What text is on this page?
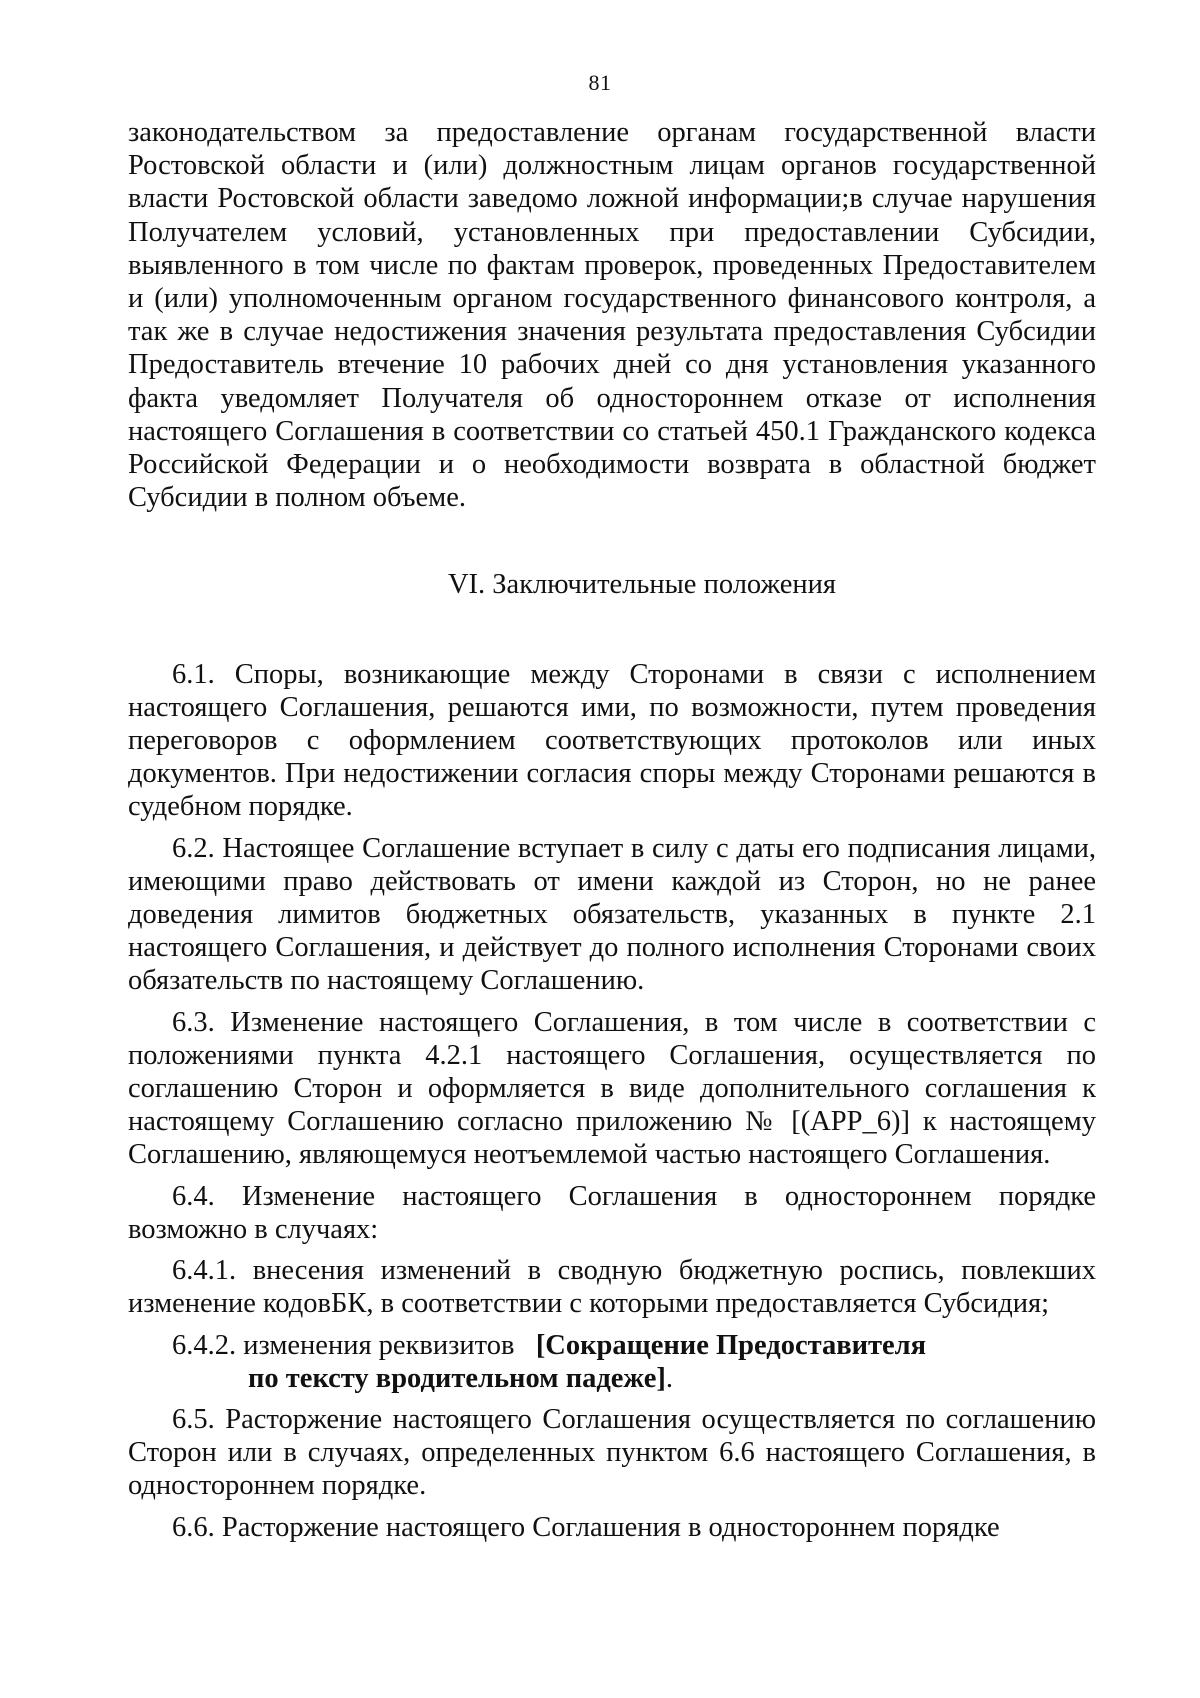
81

законодательством за предоставление органам государственной власти Ростовской области и (или) должностным лицам органов государственной власти Ростовской области заведомо ложной информации;в случае нарушения Получателем условий, установленных при предоставлении Субсидии, выявленного в том числе по фактам проверок, проведенных Предоставителем и (или) уполномоченным органом государственного финансового контроля, а так же в случае недостижения значения результата предоставления Субсидии Предоставитель втечение 10 рабочих дней со дня установления указанного факта уведомляет Получателя об одностороннем отказе от исполнения настоящего Соглашения в соответствии со статьей 450.1 Гражданского кодекса Российской Федерации и о необходимости возврата в областной бюджет Субсидии в полном объеме.

VI. Заключительные положения

6.1. Споры, возникающие между Сторонами в связи с исполнением настоящего Соглашения, решаются ими, по возможности, путем проведения переговоров с оформлением соответствующих протоколов или иных документов. При недостижении согласия споры между Сторонами решаются в судебном порядке.

6.2. Настоящее Соглашение вступает в силу с даты его подписания лицами, имеющими право действовать от имени каждой из Сторон, но не ранее доведения лимитов бюджетных обязательств, указанных в пункте 2.1 настоящего Соглашения, и действует до полного исполнения Сторонами своих обязательств по настоящему Соглашению.

6.3. Изменение настоящего Соглашения, в том числе в соответствии с положениями пункта 4.2.1 настоящего Соглашения, осуществляется по соглашению Сторон и оформляется в виде дополнительного соглашения к настоящему Соглашению согласно приложению № [(APP_6)] к настоящему Соглашению, являющемуся неотъемлемой частью настоящего Соглашения.

6.4. Изменение настоящего Соглашения в одностороннем порядке возможно в случаях:

6.4.1. внесения изменений в сводную бюджетную роспись, повлекших изменение кодовБК, в соответствии с которыми предоставляется Субсидия;

6.4.2. изменения реквизитов [Сокращение Предоставителя
по тексту вродительном падеже].

6.5. Расторжение настоящего Соглашения осуществляется по соглашению Сторон или в случаях, определенных пунктом 6.6 настоящего Соглашения, в одностороннем порядке.

6.6. Расторжение настоящего Соглашения в одностороннем порядке
